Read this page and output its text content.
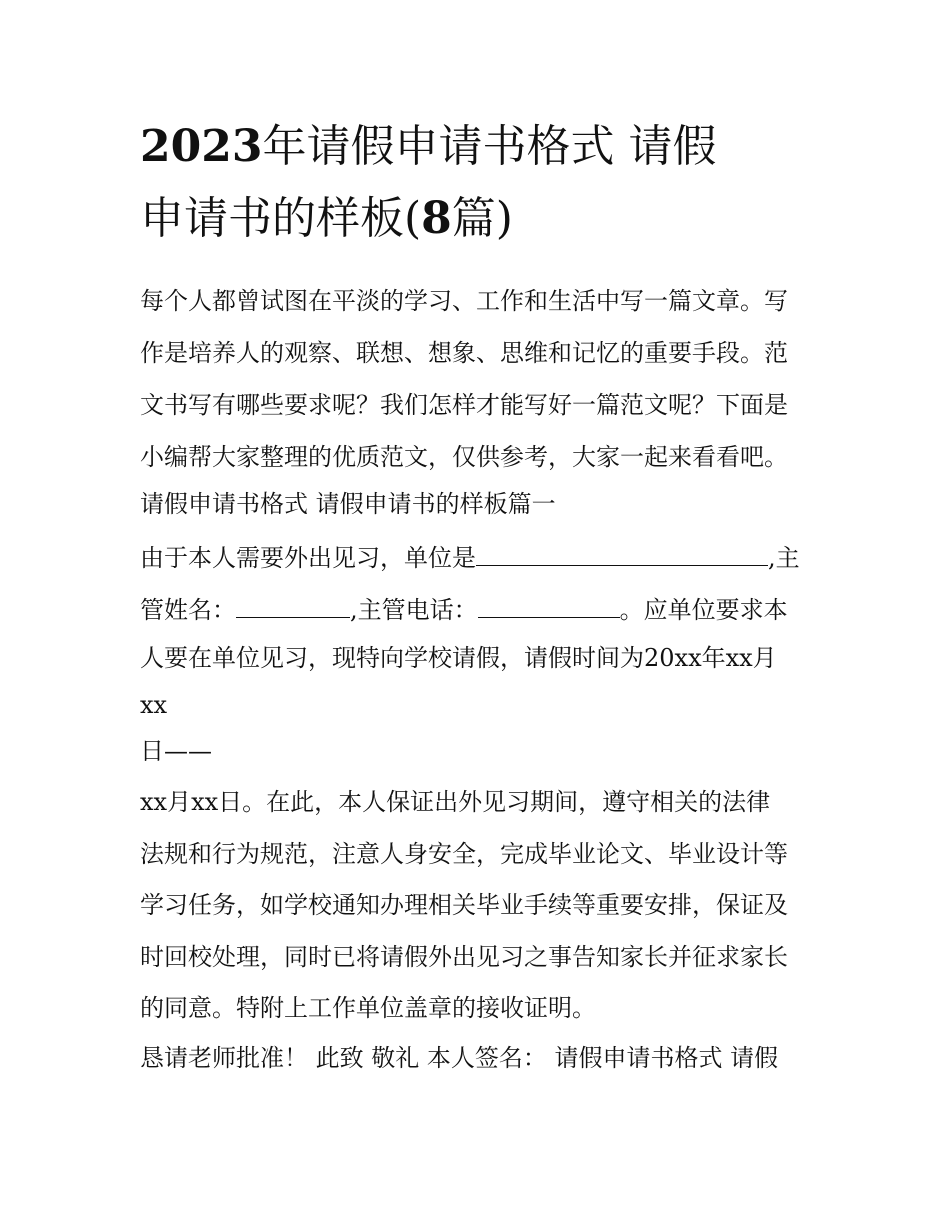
2023年请假申请书格式 请假
申请书的样板(8篇)
每个人都曾试图在平淡的学习、工作和生活中写一篇文章。写
作是培养人的观察、联想、想象、思维和记忆的重要手段。范
文书写有哪些要求呢？我们怎样才能写好一篇范文呢？下面是
小编帮大家整理的优质范文，仅供参考，大家一起来看看吧。
请假申请书格式 请假申请书的样板篇一
由于本人需要外出见习，单位是	,主
管姓名：	,主管电话：	。应单位要求本
人要在单位见习，现特向学校请假，请假时间为20xx年xx月
xx
日——
xx月xx日。在此，本人保证出外见习期间，遵守相关的法律
法规和行为规范，注意人身安全，完成毕业论文、毕业设计等
学习任务，如学校通知办理相关毕业手续等重要安排，保证及
时回校处理，同时已将请假外出见习之事告知家长并征求家长
的同意。特附上工作单位盖章的接收证明。
恳请老师批准！ 此致 敬礼 本人签名： 请假申请书格式 请假
